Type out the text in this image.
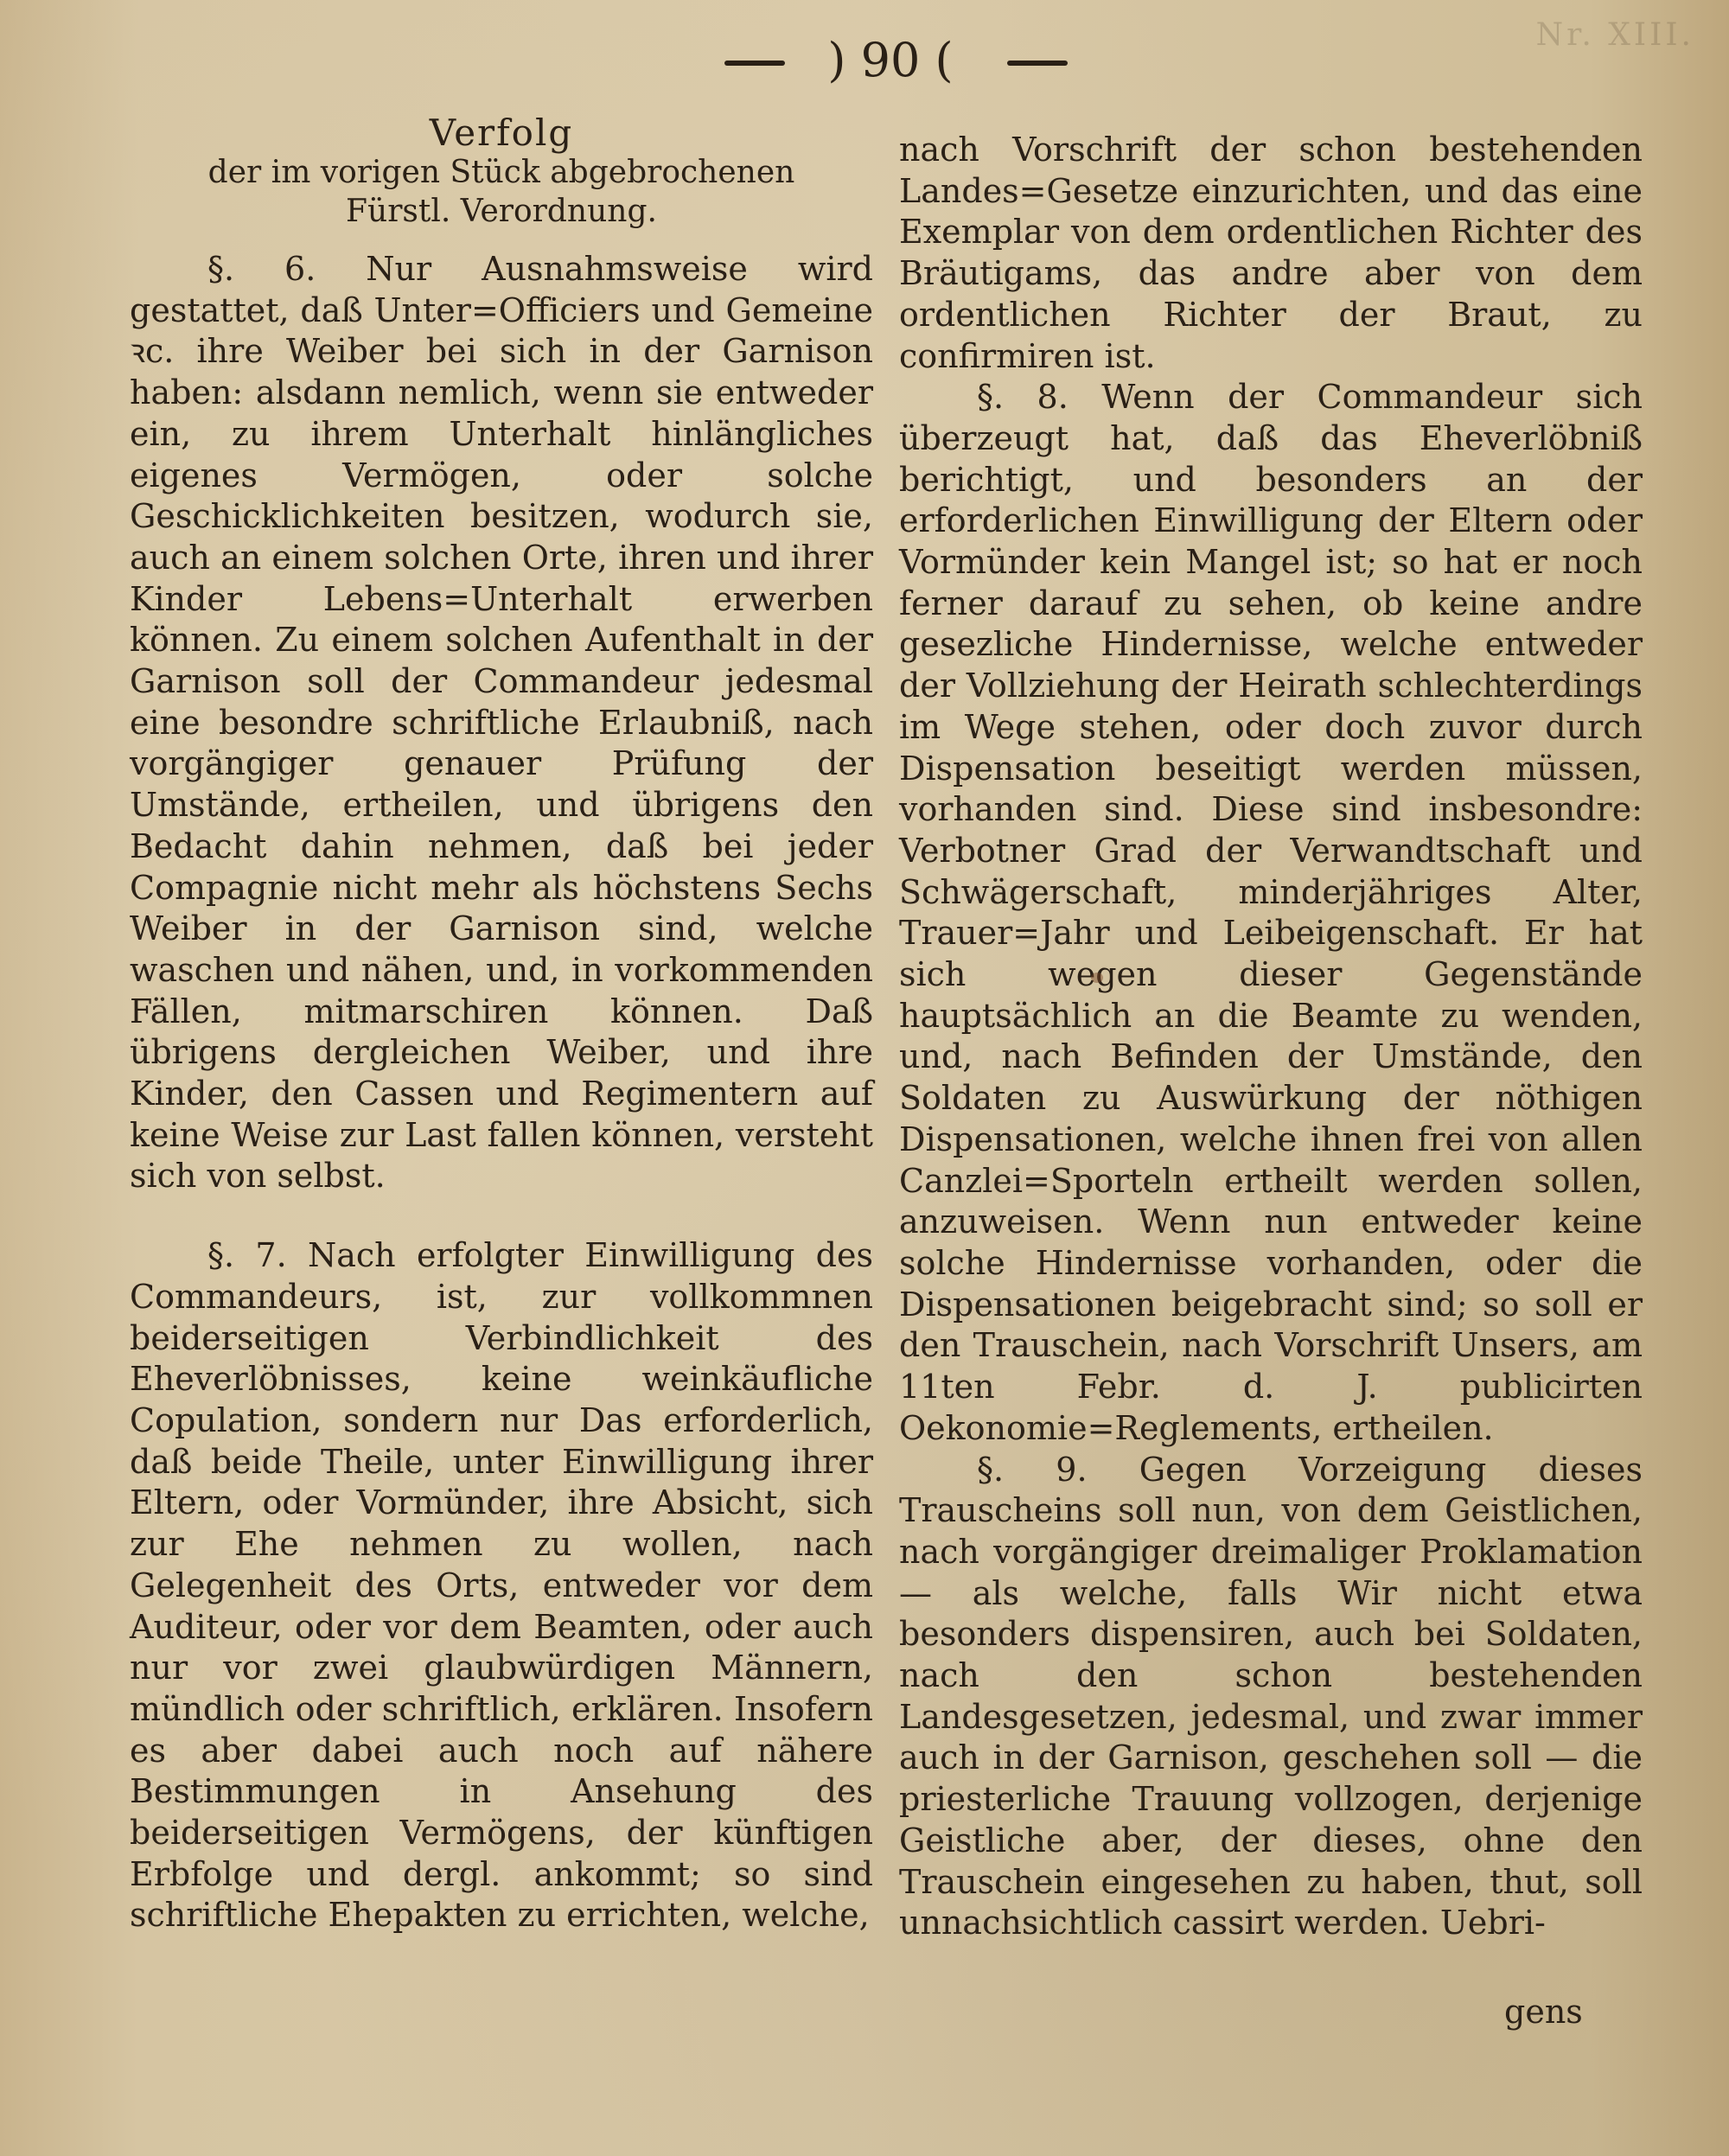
Nr. XIII.
) 90 (

Verfolg

der im vorigen Stück abgebrochenen

Fürstl. Verordnung.

§. 6. Nur Ausnahmsweise wird gestattet, daß Unter=Officiers und Gemeine ꝛc. ihre Weiber bei sich in der Garnison haben: alsdann nemlich, wenn sie entweder ein, zu ihrem Unterhalt hinlängliches eigenes Vermögen, oder solche Geschicklichkeiten besitzen, wodurch sie, auch an einem solchen Orte, ihren und ihrer Kinder Lebens=Unterhalt erwerben können. Zu einem solchen Aufenthalt in der Garnison soll der Commandeur jedesmal eine besondre schriftliche Erlaubniß, nach vorgängiger genauer Prüfung der Umstände, ertheilen, und übrigens den Bedacht dahin nehmen, daß bei jeder Compagnie nicht mehr als höchstens Sechs Weiber in der Garnison sind, welche waschen und nähen, und, in vorkommenden Fällen, mitmarschiren können. Daß übrigens dergleichen Weiber, und ihre Kinder, den Cassen und Regimentern auf keine Weise zur Last fallen können, versteht sich von selbst.

§. 7. Nach erfolgter Einwilligung des Commandeurs, ist, zur vollkommnen beiderseitigen Verbindlichkeit des Eheverlöbnisses, keine weinkäufliche Copulation, sondern nur Das erforderlich, daß beide Theile, unter Einwilligung ihrer Eltern, oder Vormünder, ihre Absicht, sich zur Ehe nehmen zu wollen, nach Gelegenheit des Orts, entweder vor dem Auditeur, oder vor dem Beamten, oder auch nur vor zwei glaubwürdigen Männern, mündlich oder schriftlich, erklären. Insofern es aber dabei auch noch auf nähere Bestimmungen in Ansehung des beiderseitigen Vermögens, der künftigen Erbfolge und dergl. ankommt; so sind schriftliche Ehepakten zu errichten, welche,

nach Vorschrift der schon bestehenden Landes=Gesetze einzurichten, und das eine Exemplar von dem ordentlichen Richter des Bräutigams, das andre aber von dem ordentlichen Richter der Braut, zu confirmiren ist.

§. 8. Wenn der Commandeur sich überzeugt hat, daß das Eheverlöbniß berichtigt, und besonders an der erforderlichen Einwilligung der Eltern oder Vormünder kein Mangel ist; so hat er noch ferner darauf zu sehen, ob keine andre gesezliche Hindernisse, welche entweder der Vollziehung der Heirath schlechterdings im Wege stehen, oder doch zuvor durch Dispensation beseitigt werden müssen, vorhanden sind. Diese sind insbesondre: Verbotner Grad der Verwandtschaft und Schwägerschaft, minderjähriges Alter, Trauer=Jahr und Leibeigenschaft. Er hat sich wegen dieser Gegenstände hauptsächlich an die Beamte zu wenden, und, nach Befinden der Umstände, den Soldaten zu Auswürkung der nöthigen Dispensationen, welche ihnen frei von allen Canzlei=Sporteln ertheilt werden sollen, anzuweisen. Wenn nun entweder keine solche Hindernisse vorhanden, oder die Dispensationen beigebracht sind; so soll er den Trauschein, nach Vorschrift Unsers, am 11ten Febr. d. J. publicirten Oekonomie=Reglements, ertheilen.

§. 9. Gegen Vorzeigung dieses Trauscheins soll nun, von dem Geistlichen, nach vorgängiger dreimaliger Proklamation — als welche, falls Wir nicht etwa besonders dispensiren, auch bei Soldaten, nach den schon bestehenden Landesgesetzen, jedesmal, und zwar immer auch in der Garnison, geschehen soll — die priesterliche Trauung vollzogen, derjenige Geistliche aber, der dieses, ohne den Trauschein eingesehen zu haben, thut, soll unnachsichtlich cassirt werden. Uebri-

gens
